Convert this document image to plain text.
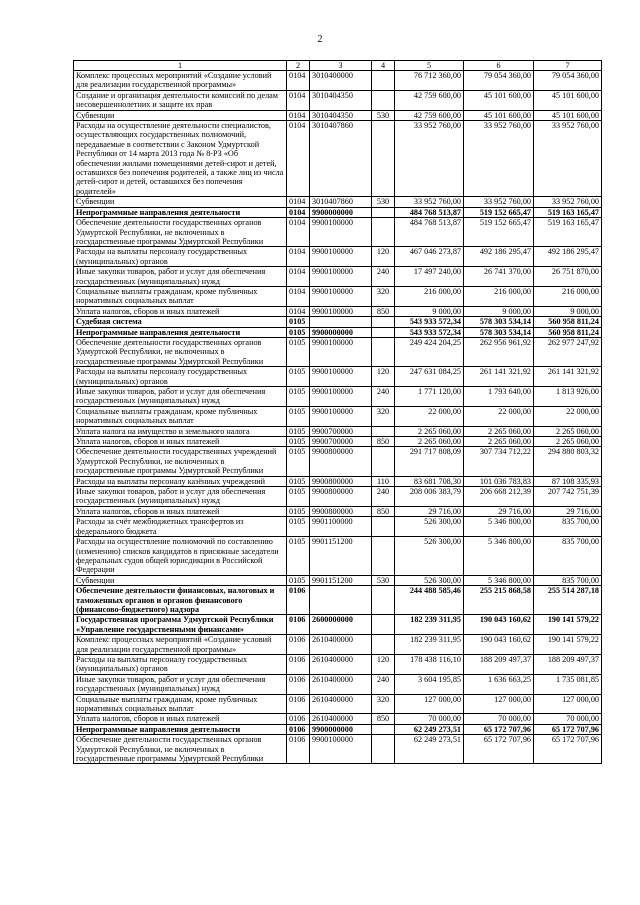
2
1	2	3	4	5	6	7
Комплекс процессных мероприятий «Создание условий для реализации государственной программы»	0104	3010400000		76 712 360,00	79 054 360,00	79 054 360,00
Создание и организация деятельности комиссий по делам несовершеннолетних и защите их прав	0104	3010404350		42 759 600,00	45 101 600,00	45 101 600,00
Субвенции	0104	3010404350	530	42 759 600,00	45 101 600,00	45 101 600,00
Расходы на осуществление деятельности специалистов, осуществляющих государственных полномочий, передаваемые в соответствии с Законом Удмуртской Республики от 14 марта 2013 года № 8-РЗ «Об обеспечении жилыми помещениями детей-сирот и детей, оставшихся без попечения родителей, а также лиц из числа детей-сирот и детей, оставшихся без попечения родителей»	0104	3010407860		33 952 760,00	33 952 760,00	33 952 760,00
Субвенции	0104	3010407860	530	33 952 760,00	33 952 760,00	33 952 760,00
Непрограммные направления деятельности	0104	9900000000		484 768 513,87	519 152 665,47	519 163 165,47
Обеспечение деятельности государственных органов Удмуртской Республики, не включенных в государственные программы Удмуртской Республики	0104	9900100000		484 768 513,87	519 152 665,47	519 163 165,47
Расходы на выплаты персоналу государственных (муниципальных) органов	0104	9900100000	120	467 046 273,87	492 186 295,47	492 186 295,47
Иные закупки товаров, работ и услуг для обеспечения государственных (муниципальных) нужд	0104	9900100000	240	17 497 240,00	26 741 370,00	26 751 870,00
Социальные выплаты гражданам, кроме публичных нормативных социальных выплат	0104	9900100000	320	216 000,00	216 000,00	216 000,00
Уплата налогов, сборов и иных платежей	0104	9900100000	850	9 000,00	9 000,00	9 000,00
Судебная система	0105			543 933 572,34	578 303 534,14	560 958 811,24
Непрограммные направления деятельности	0105	9900000000		543 933 572,34	578 303 534,14	560 958 811,24
Обеспечение деятельности государственных органов Удмуртской Республики, не включенных в государственные программы Удмуртской Республики	0105	9900100000		249 424 204,25	262 956 961,92	262 977 247,92
Расходы на выплаты персоналу государственных (муниципальных) органов	0105	9900100000	120	247 631 084,25	261 141 321,92	261 141 321,92
Иные закупки товаров, работ и услуг для обеспечения государственных (муниципальных) нужд	0105	9900100000	240	1 771 120,00	1 793 640,00	1 813 926,00
Социальные выплаты гражданам, кроме публичных нормативных социальных выплат	0105	9900100000	320	22 000,00	22 000,00	22 000,00
Уплата налога на имущество и земельного налога	0105	9900700000		2 265 060,00	2 265 060,00	2 265 060,00
Уплата налогов, сборов и иных платежей	0105	9900700000	850	2 265 060,00	2 265 060,00	2 265 060,00
Обеспечение деятельности государственных учреждений Удмуртской Республики, не включенных в государственные программы Удмуртской Республики	0105	9900800000		291 717 808,09	307 734 712,22	294 880 803,32
Расходы на выплаты персоналу казённых учреждений	0105	9900800000	110	83 681 708,30	101 036 783,83	87 108 335,93
Иные закупки товаров, работ и услуг для обеспечения государственных (муниципальных) нужд	0105	9900800000	240	208 006 383,79	206 668 212,39	207 742 751,39
Уплата налогов, сборов и иных платежей	0105	9900800000	850	29 716,00	29 716,00	29 716,00
Расходы за счёт межбюджетных трансфертов из федерального бюджета	0105	9901100000		526 300,00	5 346 800,00	835 700,00
Расходы на осуществление полномочий по составлению (изменению) списков кандидатов в присяжные заседатели федеральных судов общей юрисдикции в Российской Федерации	0105	9901151200		526 300,00	5 346 800,00	835 700,00
Субвенции	0105	9901151200	530	526 300,00	5 346 800,00	835 700,00
Обеспечение деятельности финансовых, налоговых и таможенных органов и органов финансового (финансово-бюджетного) надзора	0106			244 488 585,46	255 215 868,58	255 514 287,18
Государственная программа Удмуртской Республики «Управление государственными финансами»	0106	2600000000		182 239 311,95	190 043 160,62	190 141 579,22
Комплекс процессных мероприятий «Создание условий для реализации государственной программы»	0106	2610400000		182 239 311,95	190 043 160,62	190 141 579,22
Расходы на выплаты персоналу государственных (муниципальных) органов	0106	2610400000	120	178 438 116,10	188 209 497,37	188 209 497,37
Иные закупки товаров, работ и услуг для обеспечения государственных (муниципальных) нужд	0106	2610400000	240	3 604 195,85	1 636 663,25	1 735 081,85
Социальные выплаты гражданам, кроме публичных нормативных социальных выплат	0106	2610400000	320	127 000,00	127 000,00	127 000,00
Уплата налогов, сборов и иных платежей	0106	2610400000	850	70 000,00	70 000,00	70 000,00
Непрограммные направления деятельности	0106	9900000000		62 249 273,51	65 172 707,96	65 172 707,96
Обеспечение деятельности государственных органов Удмуртской Республики, не включенных в государственные программы Удмуртской Республики	0106	9900100000		62 249 273,51	65 172 707,96	65 172 707,96
